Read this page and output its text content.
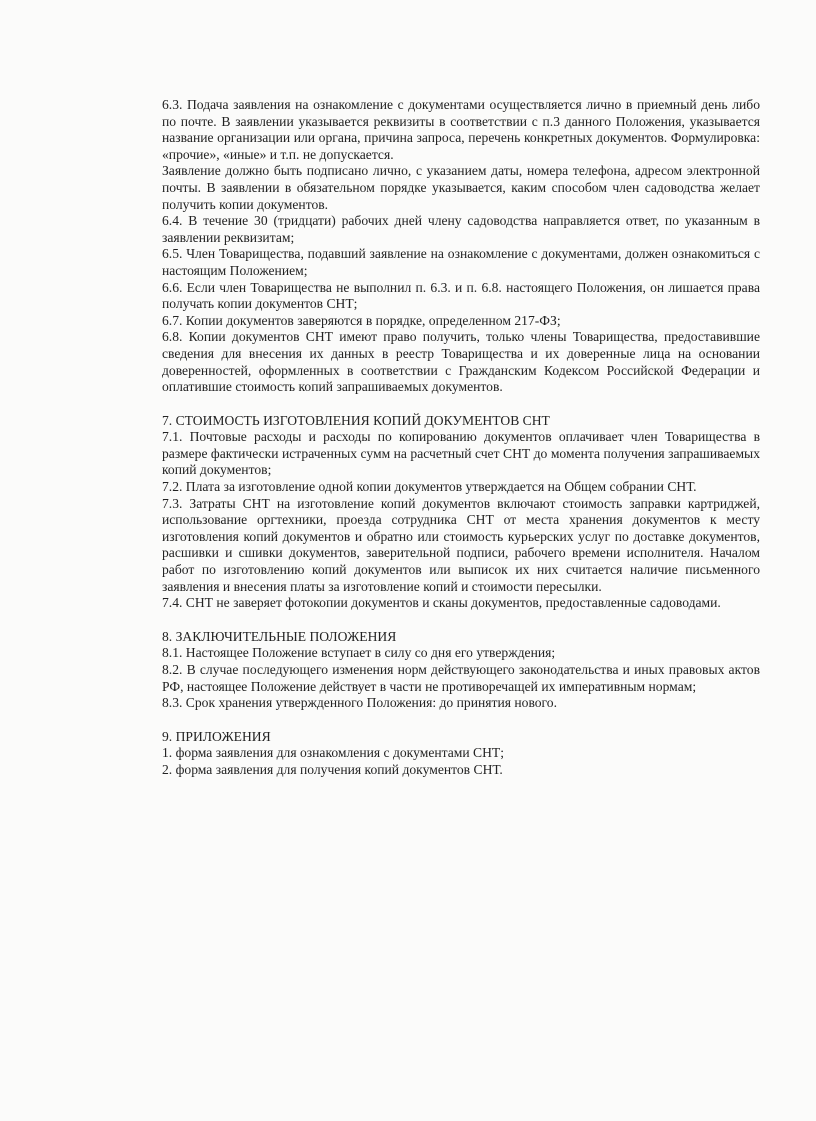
6.3. Подача заявления на ознакомление с документами осуществляется лично в приемный день либо по почте. В заявлении указывается реквизиты в соответствии с п.3 данного Положения, указывается название организации или органа, причина запроса, перечень конкретных документов. Формулировка: «прочие», «иные» и т.п. не допускается.

Заявление должно быть подписано лично, с указанием даты, номера телефона, адресом электронной почты. В заявлении в обязательном порядке указывается, каким способом член садоводства желает получить копии документов.

6.4. В течение 30 (тридцати) рабочих дней члену садоводства направляется ответ, по указанным в заявлении реквизитам;

6.5. Член Товарищества, подавший заявление на ознакомление с документами, должен ознакомиться с настоящим Положением;

6.6. Если член Товарищества не выполнил п. 6.3. и п. 6.8. настоящего Положения, он лишается права получать копии документов СНТ;

6.7. Копии документов заверяются в порядке, определенном 217-ФЗ;

6.8. Копии документов СНТ имеют право получить, только члены Товарищества, предоставившие сведения для внесения их данных в реестр Товарищества и их доверенные лица на основании доверенностей, оформленных в соответствии с Гражданским Кодексом Российской Федерации и оплатившие стоимость копий запрашиваемых документов.

7. СТОИМОСТЬ ИЗГОТОВЛЕНИЯ КОПИЙ ДОКУМЕНТОВ СНТ

7.1. Почтовые расходы и расходы по копированию документов оплачивает член Товарищества в размере фактически истраченных сумм на расчетный счет СНТ до момента получения запрашиваемых копий документов;

7.2. Плата за изготовление одной копии документов утверждается на Общем собрании СНТ.

7.3. Затраты СНТ на изготовление копий документов включают стоимость заправки картриджей, использование оргтехники, проезда сотрудника СНТ от места хранения документов к месту изготовления копий документов и обратно или стоимость курьерских услуг по доставке документов, расшивки и сшивки документов, заверительной подписи, рабочего времени исполнителя. Началом работ по изготовлению копий документов или выписок их них считается наличие письменного заявления и внесения платы за изготовление копий и стоимости пересылки.

7.4. СНТ не заверяет фотокопии документов и сканы документов, предоставленные садоводами.

8. ЗАКЛЮЧИТЕЛЬНЫЕ ПОЛОЖЕНИЯ

8.1. Настоящее Положение вступает в силу со дня его утверждения;

8.2. В случае последующего изменения норм действующего законодательства и иных правовых актов РФ, настоящее Положение действует в части не противоречащей их императивным нормам;

8.3. Срок хранения утвержденного Положения: до принятия нового.

9. ПРИЛОЖЕНИЯ

1. форма заявления для ознакомления с документами СНТ;

2. форма заявления для получения копий документов СНТ.
